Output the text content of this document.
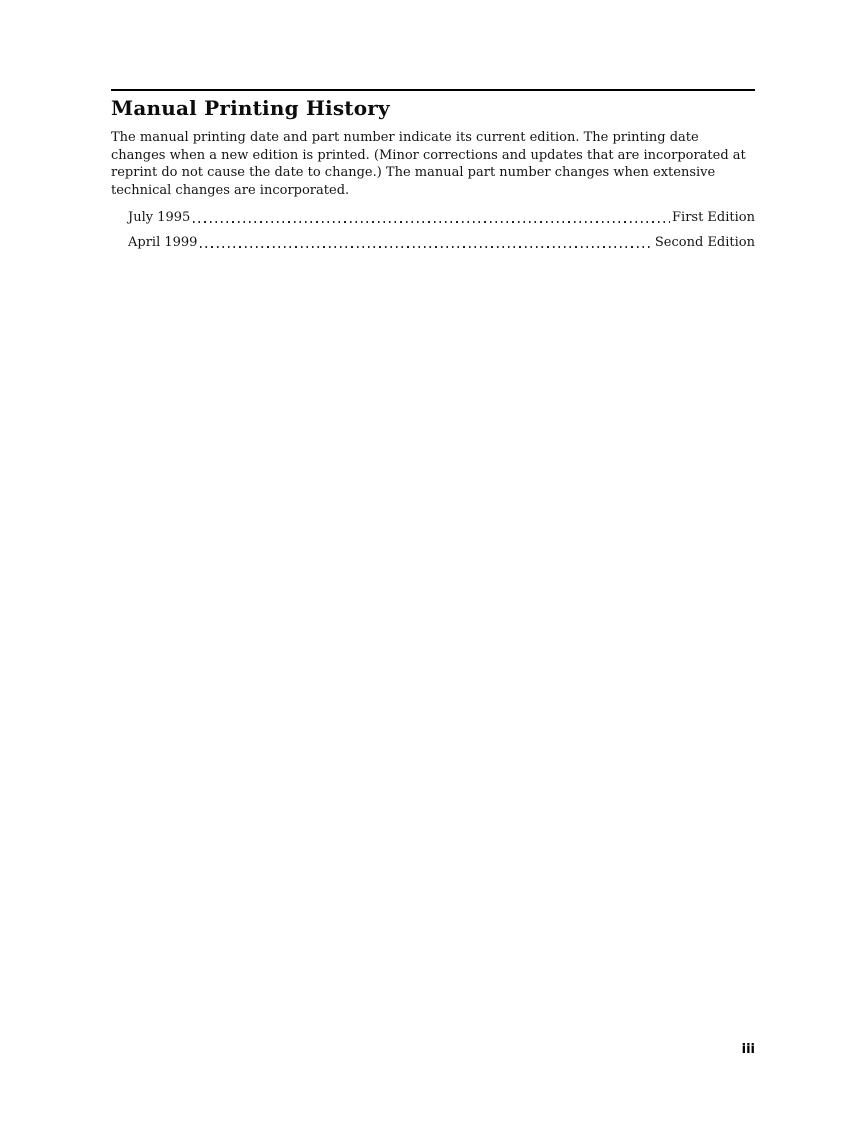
Manual Printing History

The manual printing date and part number indicate its current edition. The printing date changes when a new edition is printed. (Minor corrections and updates that are incorporated at reprint do not cause the date to change.) The manual part number changes when extensive technical changes are incorporated.

July 1995	First Edition
April 1999	Second Edition
iii
